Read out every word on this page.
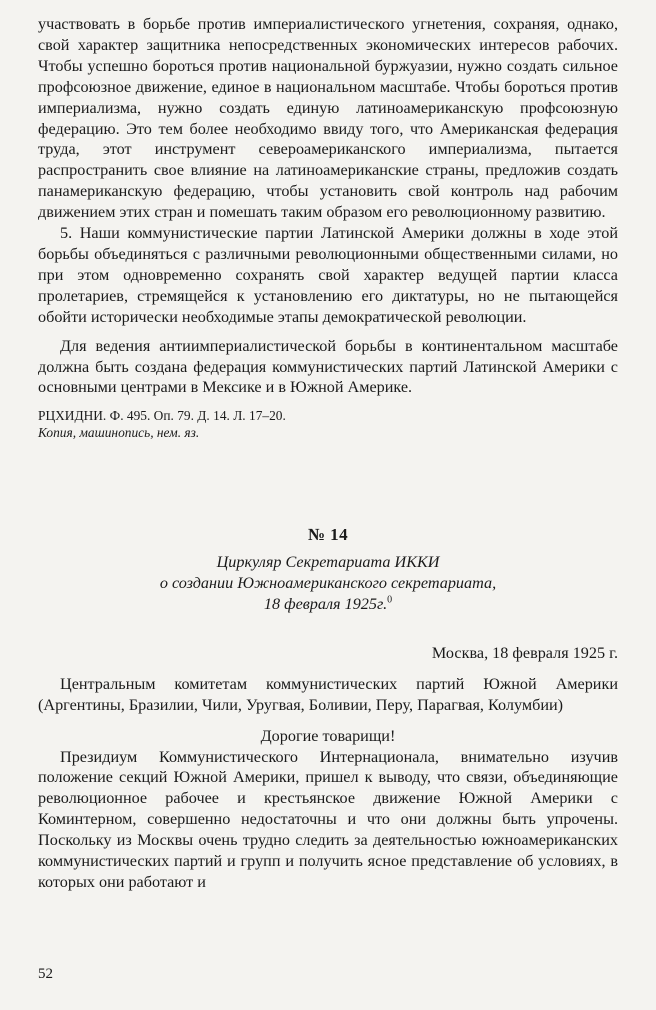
участвовать в борьбе против империалистического угнетения, сохраняя, однако, свой характер защитника непосредственных экономических интересов рабочих. Чтобы успешно бороться против национальной буржуазии, нужно создать сильное профсоюзное движение, единое в национальном масштабе. Чтобы бороться против империализма, нужно создать единую латиноамериканскую профсоюзную федерацию. Это тем более необходимо ввиду того, что Американская федерация труда, этот инструмент североамериканского империализма, пытается распространить свое влияние на латиноамериканские страны, предложив создать панамериканскую федерацию, чтобы установить свой контроль над рабочим движением этих стран и помешать таким образом его революционному развитию.

5. Наши коммунистические партии Латинской Америки должны в ходе этой борьбы объединяться с различными революционными общественными силами, но при этом одновременно сохранять свой характер ведущей партии класса пролетариев, стремящейся к установлению его диктатуры, но не пытающейся обойти исторически необходимые этапы демократической революции.

Для ведения антиимпериалистической борьбы в континентальном масштабе должна быть создана федерация коммунистических партий Латинской Америки с основными центрами в Мексике и в Южной Америке.

РЦХИДНИ. Ф. 495. Оп. 79. Д. 14. Л. 17–20.

Копия, машинопись, нем. яз.

№ 14

Циркуляр Секретариата ИККИ
о создании Южноамериканского секретариата,
18 февраля 1925г.$^0$

Москва, 18 февраля 1925 г.

Центральным комитетам коммунистических партий Южной Америки (Аргентины, Бразилии, Чили, Уругвая, Боливии, Перу, Парагвая, Колумбии)

Дорогие товарищи!

Президиум Коммунистического Интернационала, внимательно изучив положение секций Южной Америки, пришел к выводу, что связи, объединяющие революционное рабочее и крестьянское движение Южной Америки с Коминтерном, совершенно недостаточны и что они должны быть упрочены. Поскольку из Москвы очень трудно следить за деятельностью южноамериканских коммунистических партий и групп и получить ясное представление об условиях, в которых они работают и

52
